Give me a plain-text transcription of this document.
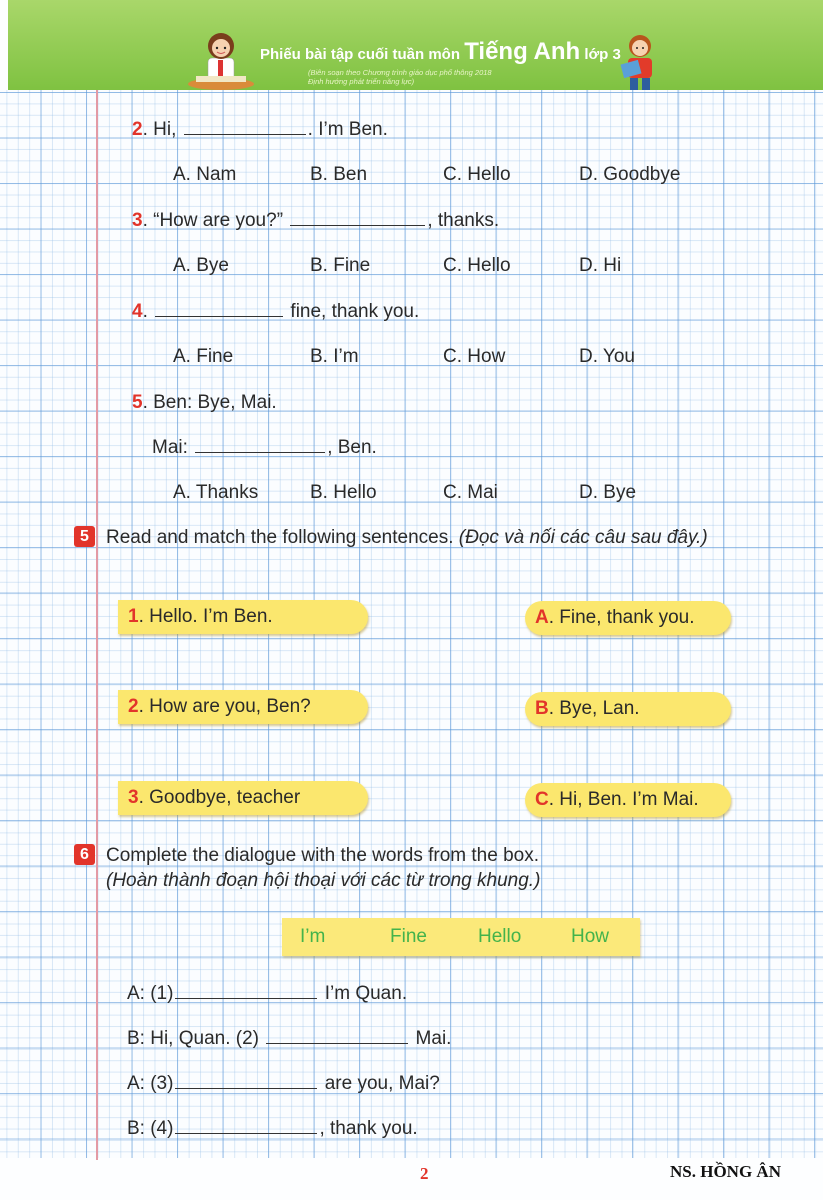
Phiếu bài tập cuối tuần môn Tiếng Anh lớp 3
(Biên soạn theo Chương trình giáo dục phổ thông 2018
Định hướng phát triển năng lực)
2. Hi,	. I’m Ben.
A. Nam	B. Ben	C. Hello	D. Goodbye
3. “How are you?”	, thanks.
A. Bye	B. Fine	C. Hello	D. Hi
4.	fine, thank you.
A. Fine	B. I’m	C. How	D. You
5. Ben: Bye, Mai.
Mai:	, Ben.
A. Thanks	B. Hello	C. Mai	D. Bye
5 Read and match the following sentences. (Đọc và nối các câu sau đây.)
1. Hello. I’m Ben.
2. How are you, Ben?
3. Goodbye, teacher
A. Fine, thank you.
B. Bye, Lan.
C. Hi, Ben. I’m Mai.
6 Complete the dialogue with the words from the box.
(Hoàn thành đoạn hội thoại với các từ trong khung.)
I’m	Fine	Hello	How
A: (1)	I’m Quan.
B: Hi, Quan. (2)	Mai.
A: (3)	are you, Mai?
B: (4)	, thank you.
2	NS. HỒNG ÂN
